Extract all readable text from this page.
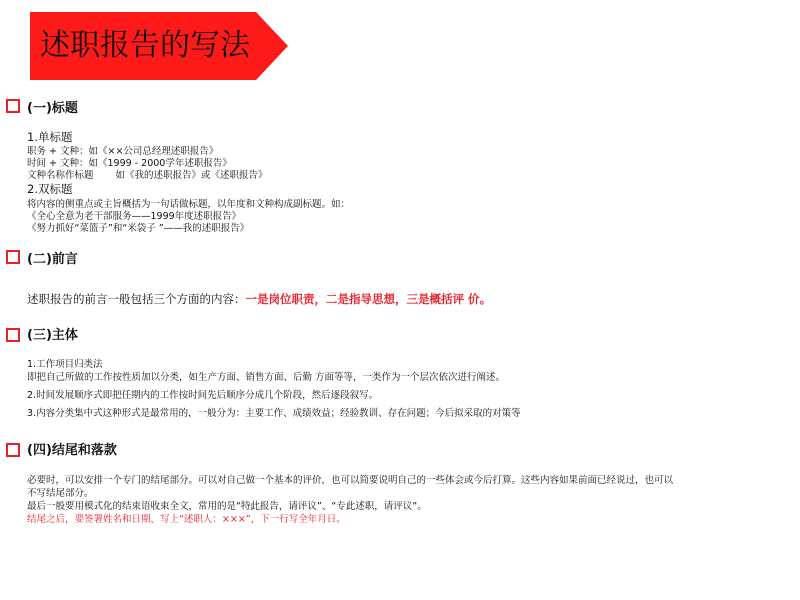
述职报告的写法
(一)标题
1.单标题
职务 + 文种：如《××公司总经理述职报告》
时间 + 文种：如《1999 - 2000学年述职报告》
文种名称作标题 如《我的述职报告》或《述职报告》
2.双标题
将内容的侧重点或主旨概括为一句话做标题，以年度和文种构成副标题。如：
《全心全意为老干部服务——1999年度述职报告》
《努力抓好“菜篮子”和“米袋子 ”——我的述职报告》
(二)前言
述职报告的前言一般包括三个方面的内容：一是岗位职责，二是指导思想，三是概括评 价。
(三)主体
1.工作项目归类法
即把自己所做的工作按性质加以分类，如生产方面、销售方面、后勤 方面等等，一类作为一个层次依次进行阐述。
2.时间发展顺序式即把任期内的工作按时间先后顺序分成几个阶段，然后逐段叙写。
3.内容分类集中式这种形式是最常用的，一般分为：主要工作、成绩效益；经验教训、存在问题；今后拟采取的对策等
(四)结尾和落款
必要时，可以安排一个专门的结尾部分。可以对自己做一个基本的评价，也可以简要说明自己的一些体会或今后打算。这些内容如果前面已经说过，也可以
不写结尾部分。
最后一般要用模式化的结束语收束全文，常用的是“特此报告，请评议”、“专此述职，请评议”。
结尾之后，要签署姓名和日期，写上“述职人：×××”，下一行写全年月日。
